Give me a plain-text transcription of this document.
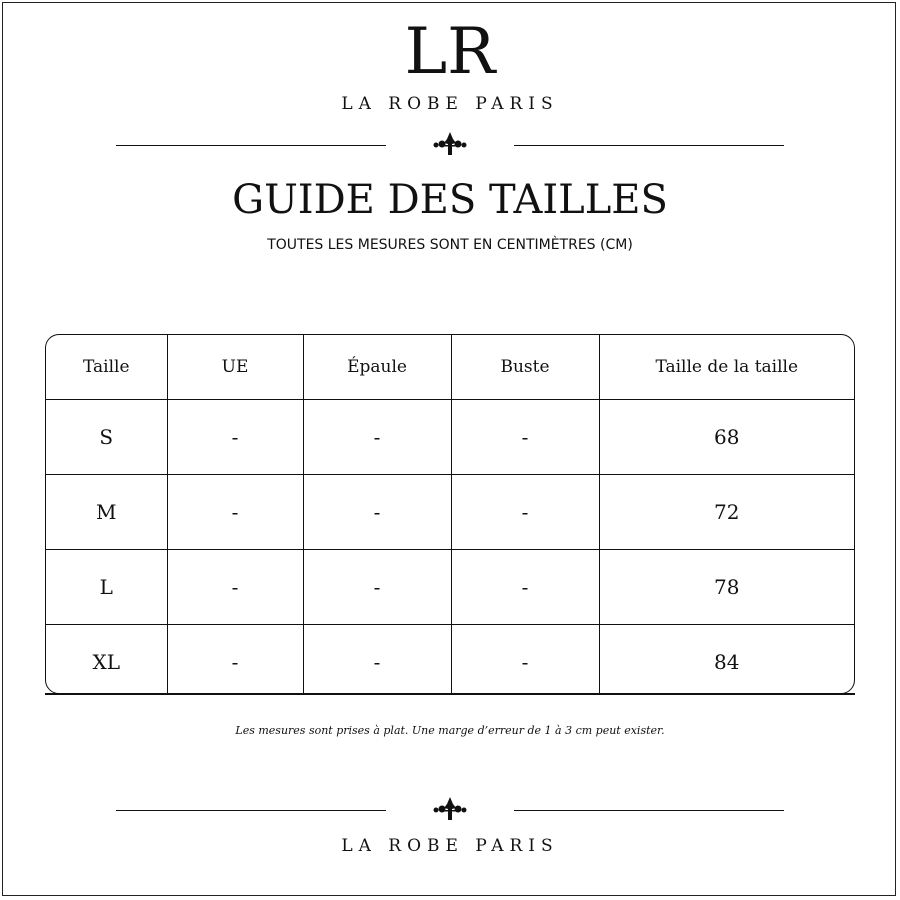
LR
LA ROBE PARIS
GUIDE DES TAILLES
TOUTES LES MESURES SONT EN CENTIMÈTRES (CM)
Taille	UE	Épaule	Buste	Taille de la taille
S	-	-	-	68
M	-	-	-	72
L	-	-	-	78
XL	-	-	-	84
Les mesures sont prises à plat. Une marge d’erreur de 1 à 3 cm peut exister.
LA ROBE PARIS
